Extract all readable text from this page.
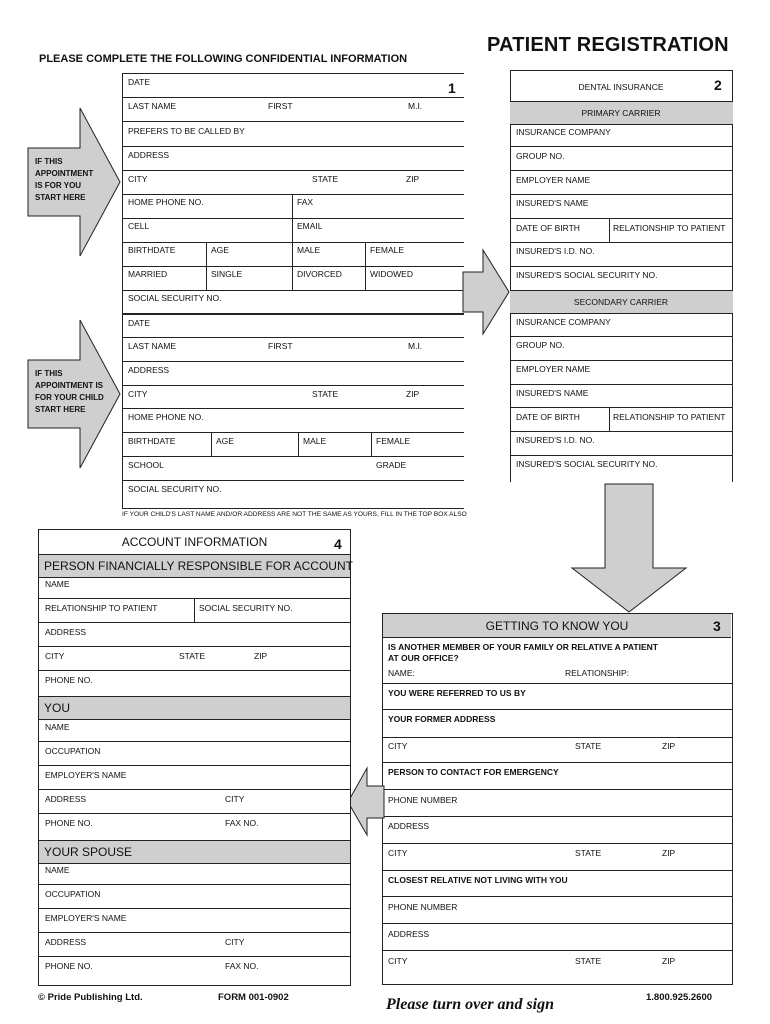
PLEASE COMPLETE THE FOLLOWING CONFIDENTIAL INFORMATION
PATIENT REGISTRATION
IF THIS
APPOINTMENT
IS FOR YOU
START HERE
IF THIS
APPOINTMENT IS
FOR YOUR CHILD
START HERE
1
DATE
LAST NAME	FIRST	M.I.
PREFERS TO BE CALLED BY
ADDRESS
CITY	STATE	ZIP
HOME PHONE NO.	FAX
CELL	EMAIL
BIRTHDATE	AGE	MALE	FEMALE
MARRIED	SINGLE	DIVORCED	WIDOWED
SOCIAL SECURITY NO.
DATE
LAST NAME	FIRST	M.I.
ADDRESS
CITY	STATE	ZIP
HOME PHONE NO.
BIRTHDATE	AGE	MALE	FEMALE
SCHOOL	GRADE
SOCIAL SECURITY NO.
IF YOUR CHILD'S LAST NAME AND/OR ADDRESS ARE NOT THE SAME AS YOURS, FILL IN THE TOP BOX ALSO
DENTAL INSURANCE	2
PRIMARY CARRIER
INSURANCE COMPANY
GROUP NO.
EMPLOYER NAME
INSURED'S NAME
DATE OF BIRTH	RELATIONSHIP TO PATIENT
INSURED'S I.D. NO.
INSURED'S SOCIAL SECURITY NO.
SECONDARY CARRIER
INSURANCE COMPANY
GROUP NO.
EMPLOYER NAME
INSURED'S NAME
DATE OF BIRTH	RELATIONSHIP TO PATIENT
INSURED'S I.D. NO.
INSURED'S SOCIAL SECURITY NO.
GETTING TO KNOW YOU	3
IS ANOTHER MEMBER OF YOUR FAMILY OR RELATIVE A PATIENT
AT OUR OFFICE?
NAME:	RELATIONSHIP:
YOU WERE REFERRED TO US BY
YOUR FORMER ADDRESS
CITY	STATE	ZIP
PERSON TO CONTACT FOR EMERGENCY
PHONE NUMBER
ADDRESS
CITY	STATE	ZIP
CLOSEST RELATIVE NOT LIVING WITH YOU
PHONE NUMBER
ADDRESS
CITY	STATE	ZIP
ACCOUNT INFORMATION	4
PERSON FINANCIALLY RESPONSIBLE FOR ACCOUNT
NAME
RELATIONSHIP TO PATIENT	SOCIAL SECURITY NO.
ADDRESS
CITY	STATE	ZIP
PHONE NO.
YOU
NAME
OCCUPATION
EMPLOYER'S NAME
ADDRESS	CITY
PHONE NO.	FAX NO.
YOUR SPOUSE
NAME
OCCUPATION
EMPLOYER'S NAME
ADDRESS	CITY
PHONE NO.	FAX NO.
© Pride Publishing Ltd.	FORM 001-0902	Please turn over and sign	1.800.925.2600
